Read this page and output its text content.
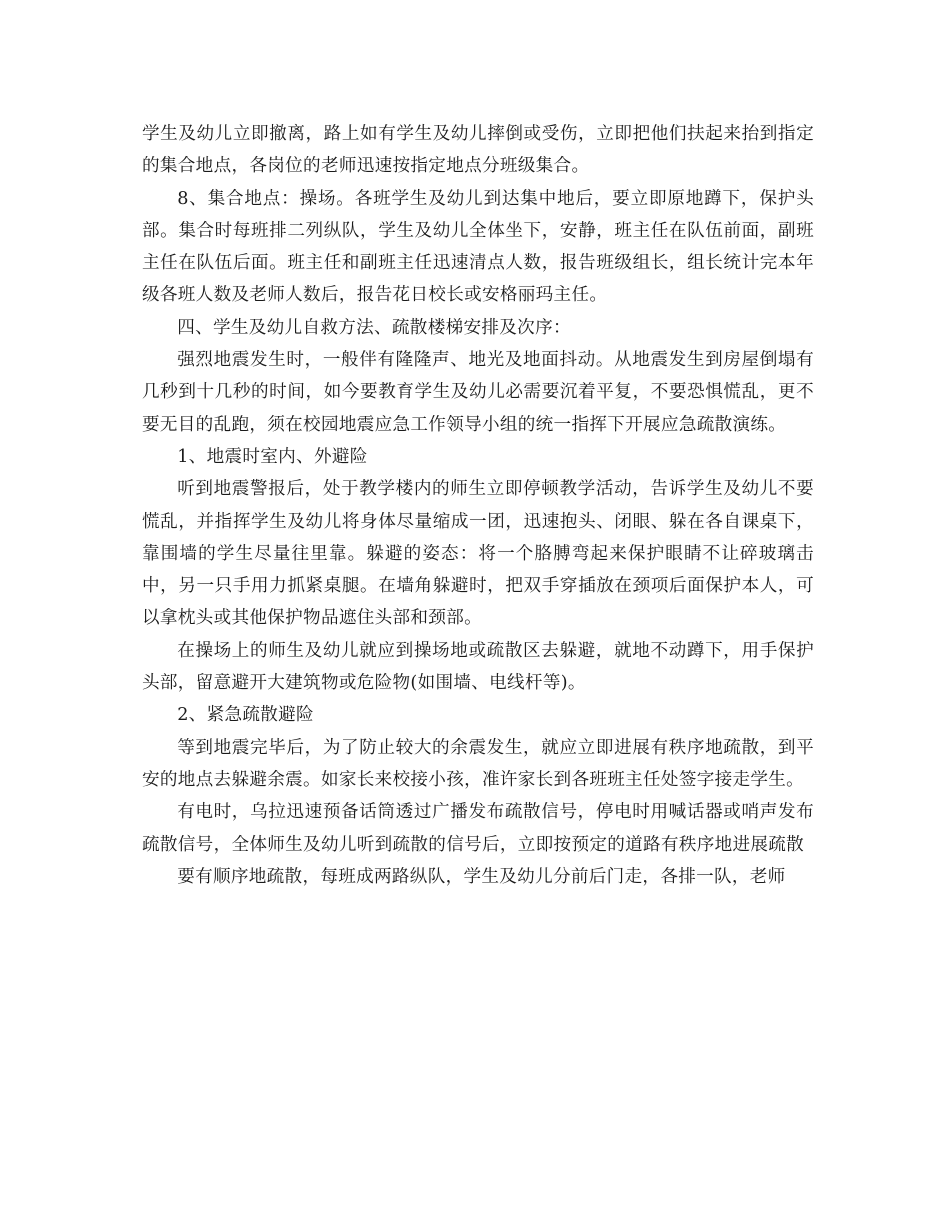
学生及幼儿立即撤离，路上如有学生及幼儿摔倒或受伤，立即把他们扶起来抬到指定的集合地点，各岗位的老师迅速按指定地点分班级集合。

8、集合地点：操场。各班学生及幼儿到达集中地后，要立即原地蹲下，保护头部。集合时每班排二列纵队，学生及幼儿全体坐下，安静，班主任在队伍前面，副班主任在队伍后面。班主任和副班主任迅速清点人数，报告班级组长，组长统计完本年级各班人数及老师人数后，报告花日校长或安格丽玛主任。

四、学生及幼儿自救方法、疏散楼梯安排及次序：

强烈地震发生时，一般伴有隆隆声、地光及地面抖动。从地震发生到房屋倒塌有几秒到十几秒的时间，如今要教育学生及幼儿必需要沉着平复，不要恐惧慌乱，更不要无目的乱跑，须在校园地震应急工作领导小组的统一指挥下开展应急疏散演练。

1、地震时室内、外避险

听到地震警报后，处于教学楼内的师生立即停顿教学活动，告诉学生及幼儿不要慌乱，并指挥学生及幼儿将身体尽量缩成一团，迅速抱头、闭眼、躲在各自课桌下，靠围墙的学生尽量往里靠。躲避的姿态：将一个胳膊弯起来保护眼睛不让碎玻璃击中，另一只手用力抓紧桌腿。在墙角躲避时，把双手穿插放在颈项后面保护本人，可以拿枕头或其他保护物品遮住头部和颈部。

在操场上的师生及幼儿就应到操场地或疏散区去躲避，就地不动蹲下，用手保护头部，留意避开大建筑物或危险物(如围墙、电线杆等)。

2、紧急疏散避险

等到地震完毕后，为了防止较大的余震发生，就应立即进展有秩序地疏散，到平安的地点去躲避余震。如家长来校接小孩，准许家长到各班班主任处签字接走学生。

有电时，乌拉迅速预备话筒透过广播发布疏散信号，停电时用喊话器或哨声发布疏散信号，全体师生及幼儿听到疏散的信号后，立即按预定的道路有秩序地进展疏散

要有顺序地疏散，每班成两路纵队，学生及幼儿分前后门走，各排一队，老师
